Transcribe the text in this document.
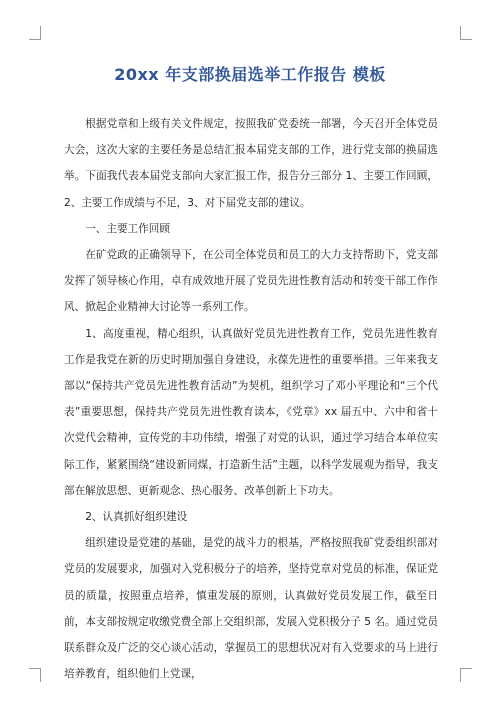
20xx 年支部换届选举工作报告 模板

根据党章和上级有关文件规定，按照我矿党委统一部署，今天召开全体党员大会，这次大家的主要任务是总结汇报本届党支部的工作，进行党支部的换届选举。下面我代表本届党支部向大家汇报工作，报告分三部分 1、主要工作回顾，2、主要工作成绩与不足，3、对下届党支部的建议。

一、主要工作回顾

在矿党政的正确领导下，在公司全体党员和员工的大力支持帮助下，党支部发挥了领导核心作用，卓有成效地开展了党员先进性教育活动和转变干部工作作风、掀起企业精神大讨论等一系列工作。

1、高度重视，精心组织，认真做好党员先进性教育工作，党员先进性教育工作是我党在新的历史时期加强自身建设，永葆先进性的重要举措。三年来我支部以“保持共产党员先进性教育活动”为契机，组织学习了邓小平理论和“三个代表”重要思想，保持共产党员先进性教育读本，《党章》xx 届五中、六中和省十次党代会精神，宣传党的丰功伟绩，增强了对党的认识，通过学习结合本单位实际工作，紧紧围绕“建设新同煤，打造新生活”主题，以科学发展观为指导，我支部在解放思想、更新观念、热心服务、改革创新上下功夫。

2、认真抓好组织建设

组织建设是党建的基础，是党的战斗力的根基，严格按照我矿党委组织部对党员的发展要求，加强对入党积极分子的培养，坚持党章对党员的标准，保证党员的质量，按照重点培养，慎重发展的原则，认真做好党员发展工作，截至日前，本支部按规定收缴党费全部上交组织部，发展入党积极分子 5 名。通过党员联系群众及广泛的交心谈心活动，掌握员工的思想状况对有入党要求的马上进行培养教育，组织他们上党课，
